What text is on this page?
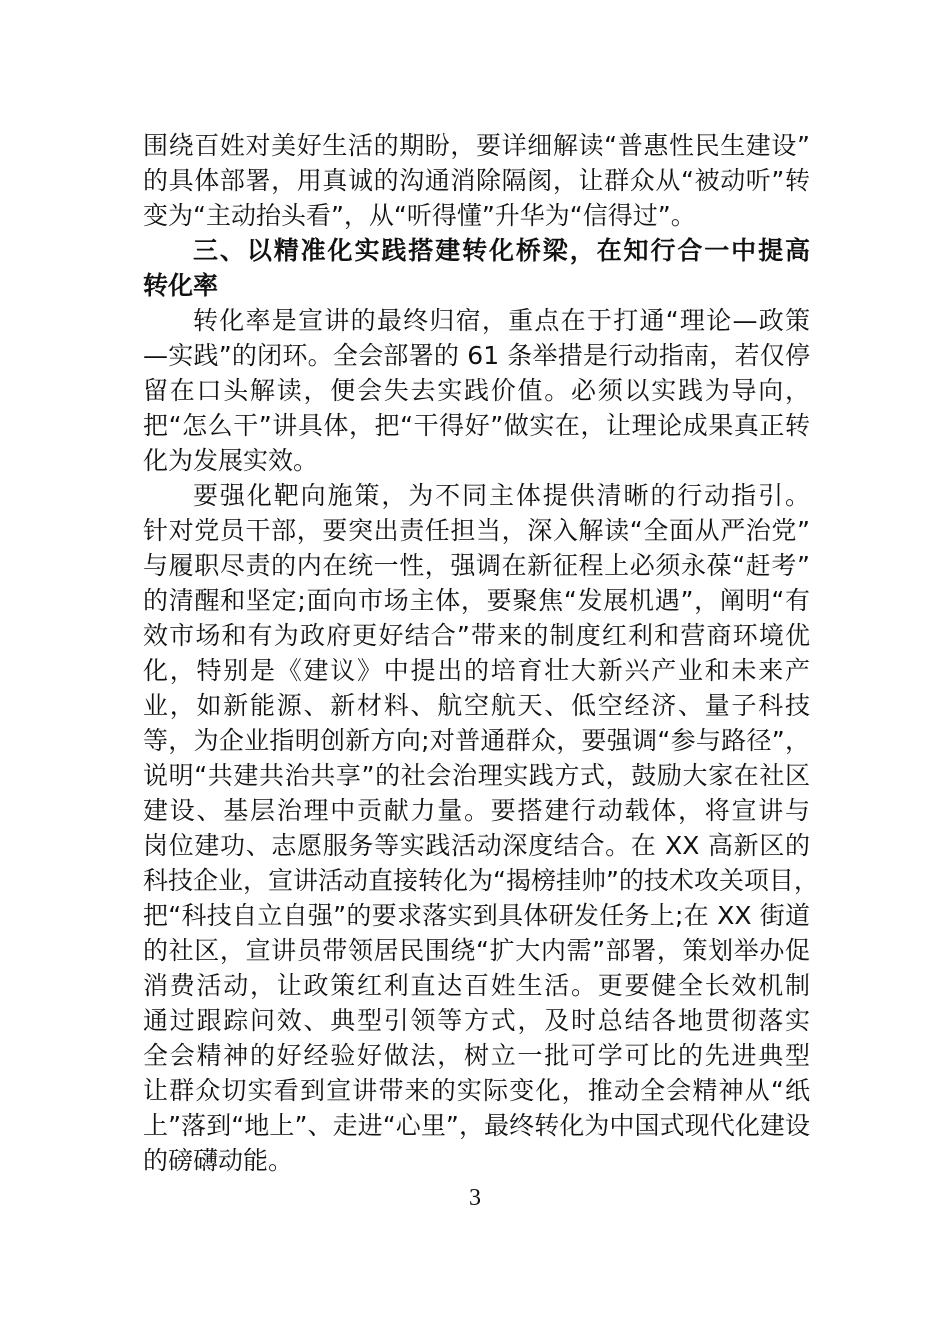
围绕百姓对美好生活的期盼，要详细解读“普惠性民生建设”
的具体部署，用真诚的沟通消除隔阂，让群众从“被动听”转
变为“主动抬头看”，从“听得懂”升华为“信得过”。
三、以精准化实践搭建转化桥梁，在知行合一中提高
转化率
转化率是宣讲的最终归宿，重点在于打通“理论—政策
—实践”的闭环。全会部署的 61 条举措是行动指南，若仅停
留在口头解读，便会失去实践价值。必须以实践为导向，
把“怎么干”讲具体，把“干得好”做实在，让理论成果真正转
化为发展实效。
要强化靶向施策，为不同主体提供清晰的行动指引。
针对党员干部，要突出责任担当，深入解读“全面从严治党”
与履职尽责的内在统一性，强调在新征程上必须永葆“赶考”
的清醒和坚定;面向市场主体，要聚焦“发展机遇”，阐明“有
效市场和有为政府更好结合”带来的制度红利和营商环境优
化，特别是《建议》中提出的培育壮大新兴产业和未来产
业，如新能源、新材料、航空航天、低空经济、量子科技
等，为企业指明创新方向;对普通群众，要强调“参与路径”，
说明“共建共治共享”的社会治理实践方式，鼓励大家在社区
建设、基层治理中贡献力量。要搭建行动载体，将宣讲与
岗位建功、志愿服务等实践活动深度结合。在 XX 高新区的
科技企业，宣讲活动直接转化为“揭榜挂帅”的技术攻关项目，
把“科技自立自强”的要求落实到具体研发任务上;在 XX 街道
的社区，宣讲员带领居民围绕“扩大内需”部署，策划举办促
消费活动，让政策红利直达百姓生活。更要健全长效机制
通过跟踪问效、典型引领等方式，及时总结各地贯彻落实
全会精神的好经验好做法，树立一批可学可比的先进典型
让群众切实看到宣讲带来的实际变化，推动全会精神从“纸
上”落到“地上”、走进“心里”，最终转化为中国式现代化建设
的磅礴动能。
3
